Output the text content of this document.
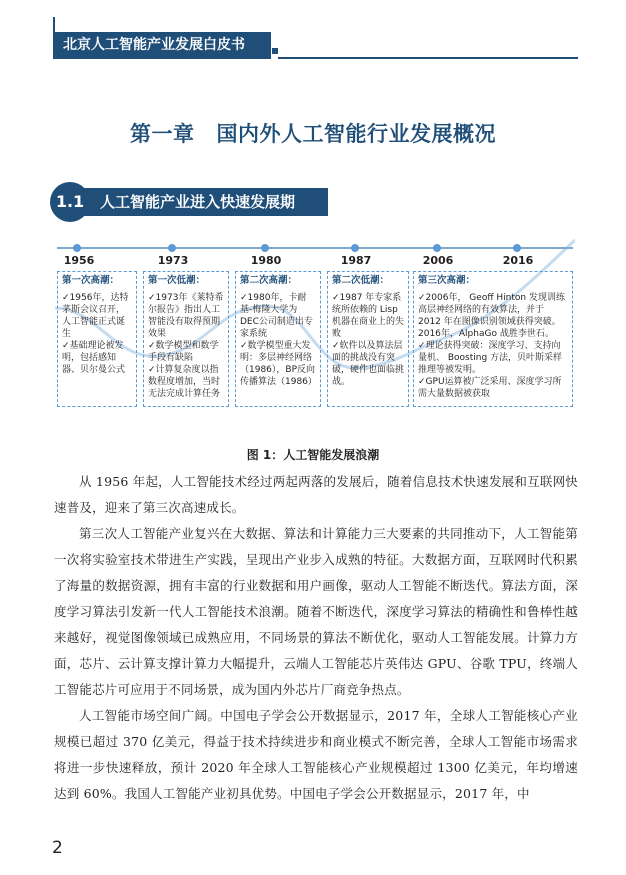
北京人工智能产业发展白皮书
第一章 国内外人工智能行业发展概况
人工智能产业进入快速发展期
1.1
1956	1973	1980	1987	2006	2016
第一次高潮：

✓1956年，达特茅斯会议召开，人工智能正式诞生

✓基础理论被发明，包括感知器、贝尔曼公式

第一次低潮：

✓1973年《莱特希尔报告》指出人工智能没有取得预期效果

✓数学模型和数学手段有缺陷

✓计算复杂度以指数程度增加，当时无法完成计算任务

第二次高潮：

✓1980年，卡耐基-梅隆大学为DEC公司制造出专家系统

✓数学模型重大发明：多层神经网络（1986），BP反向传播算法（1986）

第二次低潮：

✓1987 年专家系统所依赖的 Lisp 机器在商业上的失败

✓软件以及算法层面的挑战没有突破，硬件也面临挑战。

第三次高潮：

✓2006年， Geoff Hinton 发现训练高层神经网络的有效算法，并于 2012 年在图像识别领域获得突破。2016年，AlphaGo 战胜李世石。

✓理论获得突破：深度学习、支持向量机、 Boosting 方法，贝叶斯采样推理等被发明。

✓GPU运算被广泛采用、深度学习所需大量数据被获取

图 1：人工智能发展浪潮

从 1956 年起，人工智能技术经过两起两落的发展后，随着信息技术快速发展和互联网快速普及，迎来了第三次高速成长。

第三次人工智能产业复兴在大数据、算法和计算能力三大要素的共同推动下，人工智能第一次将实验室技术带进生产实践，呈现出产业步入成熟的特征。大数据方面，互联网时代积累了海量的数据资源，拥有丰富的行业数据和用户画像，驱动人工智能不断迭代。算法方面，深度学习算法引发新一代人工智能技术浪潮。随着不断迭代，深度学习算法的精确性和鲁棒性越来越好，视觉图像领域已成熟应用，不同场景的算法不断优化，驱动人工智能发展。计算力方面，芯片、云计算支撑计算力大幅提升，云端人工智能芯片英伟达 GPU、谷歌 TPU，终端人工智能芯片可应用于不同场景，成为国内外芯片厂商竞争热点。

人工智能市场空间广阔。中国电子学会公开数据显示，2017 年，全球人工智能核心产业规模已超过 370 亿美元，得益于技术持续进步和商业模式不断完善，全球人工智能市场需求将进一步快速释放，预计 2020 年全球人工智能核心产业规模超过 1300 亿美元，年均增速达到 60%。我国人工智能产业初具优势。中国电子学会公开数据显示，2017 年，中

2
